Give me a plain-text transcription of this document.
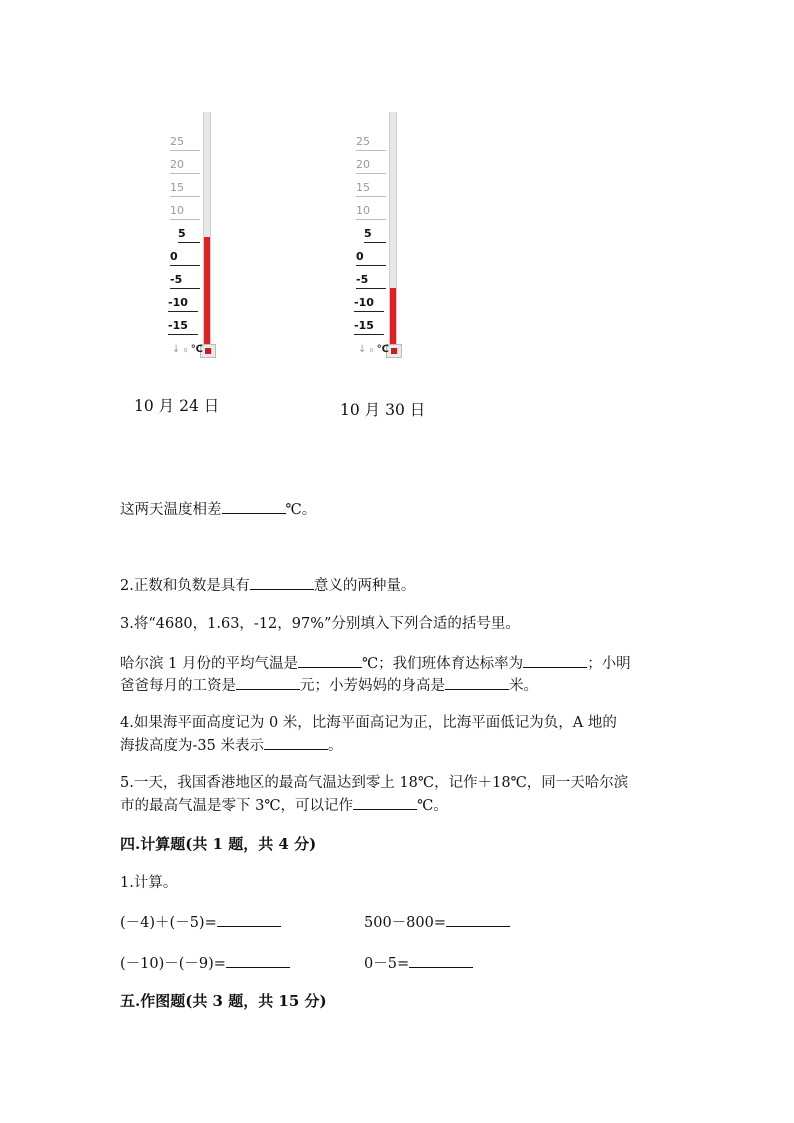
25
20
15
10
5
0
-5
-10
-15
↓ ₀ ℃
10 月 24 日
25
20
15
10
5
0
-5
-10
-15
↓ ₀ ℃
10 月 30 日
这两天温度相差	℃。
2.正数和负数是具有	意义的两种量。
3.将“4680，1.63，-12，97%”分别填入下列合适的括号里。
哈尔滨 1 月份的平均气温是	℃；我们班体育达标率为	；小明
爸爸每月的工资是	元；小芳妈妈的身高是	米。
4.如果海平面高度记为 0 米，比海平面高记为正，比海平面低记为负，A 地的
海拔高度为-35 米表示	。
5.一天，我国香港地区的最高气温达到零上 18℃，记作＋18℃，同一天哈尔滨
市的最高气温是零下 3℃，可以记作	℃。
四.计算题(共 1 题，共 4 分)
1.计算。
(－4)＋(－5)=	500－800=
(－10)－(－9)=	0－5=
五.作图题(共 3 题，共 15 分)
